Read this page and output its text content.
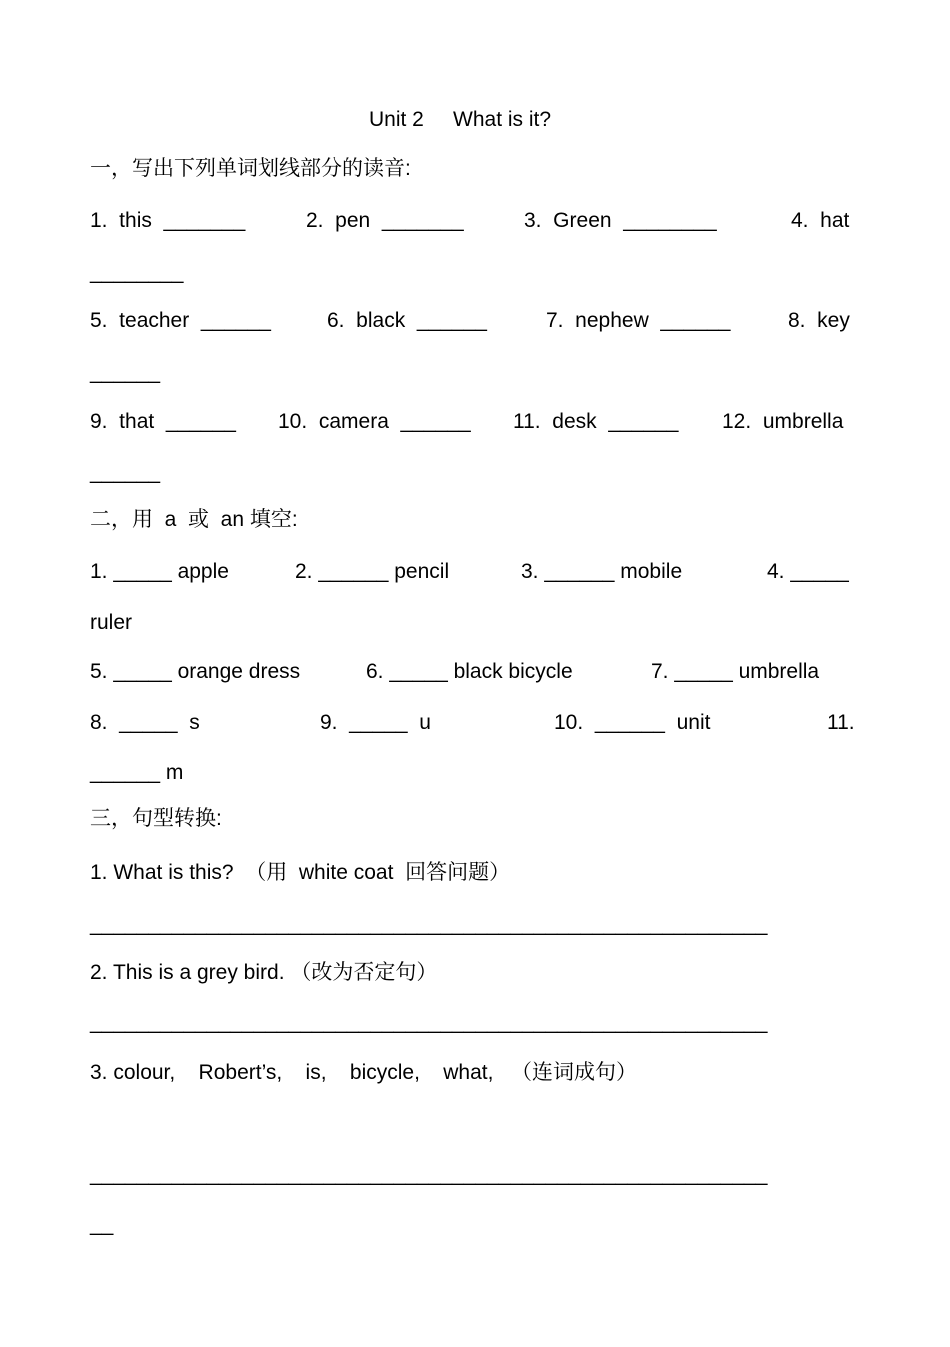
Unit 2     What is it?
一，写出下列单词划线部分的读音:
1.  this  _______	2.  pen  _______	3.  Green  ________	4.  hat
________
5.  teacher  ______	6.  black  ______	7.  nephew  ______	8.  key
______
9.  that  ______ 10.  camera  ______ 11.  desk  ______ 12.  umbrella
______
二，用  a  或  an 填空:
1. _____ apple	2. ______ pencil	3. ______ mobile	4. _____
ruler
5. _____ orange dress	6. _____ black bicycle	7. _____ umbrella
8.  _____  s	9.  _____  u	10.  ______  unit	11.
______ m
三，句型转换:
1. What is this?  （用  white coat  回答问题）
__________________________________________________________
2. This is a grey bird. （改为否定句）
__________________________________________________________
3. colour,    Robert’s,    is,    bicycle,    what,   （连词成句）
__________________________________________________________
__
